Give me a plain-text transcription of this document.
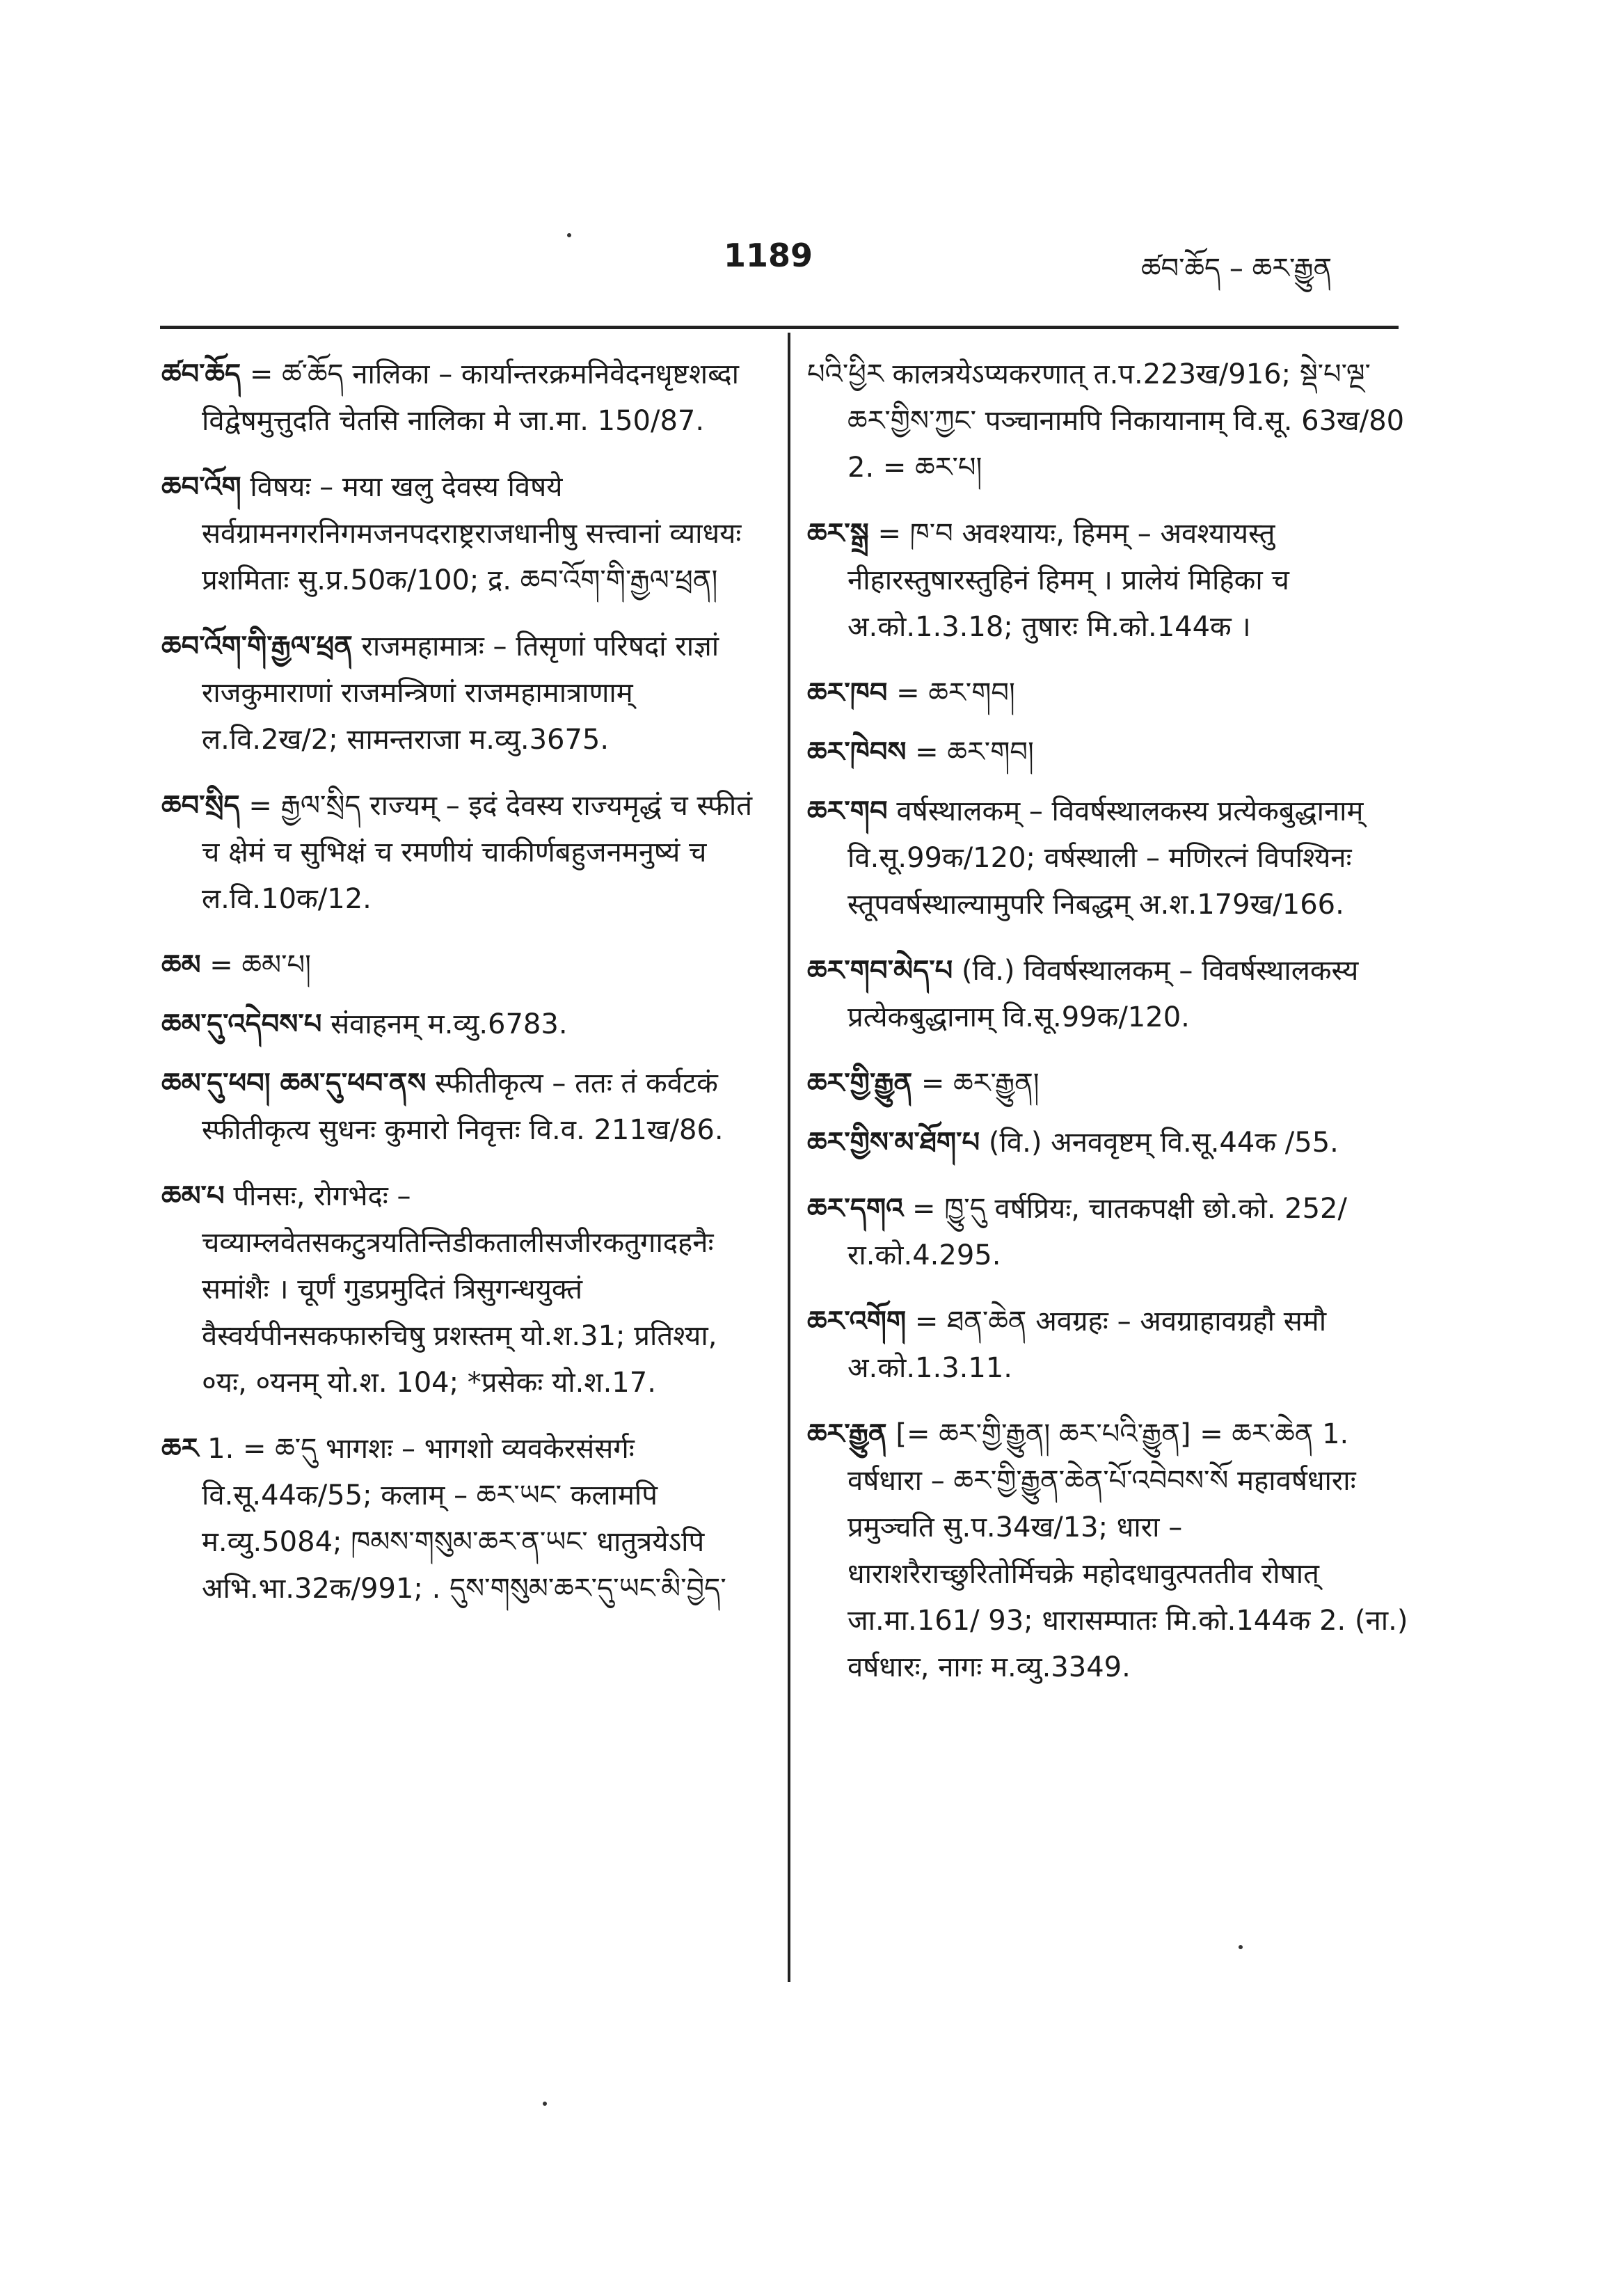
1189	ཚབ་ཆོད – ཆར་རྒྱུན
ཚབ་ཆོད = ཚ་ཆོད नालिका – कार्यान्तरक्रमनिवेदनधृष्टशब्दा विद्वेषमुत्तुदति चेतसि नालिका मे जा.मा. 150/87.
ཆབ་འོག विषयः – मया खलु देवस्य विषये सर्वग्रामनगरनिगमजनपदराष्ट्रराजधानीषु सत्त्वानां व्याधयः प्रशमिताः सु.प्र.50क/100; द्र. ཆབ་འོག་གི་རྒྱལ་ཕྲན།
ཆབ་འོག་གི་རྒྱལ་ཕྲན राजमहामात्रः – तिसृणां परिषदां राज्ञां राजकुमाराणां राजमन्त्रिणां राजमहामात्राणाम् ल.वि.2ख/2; सामन्तराजा म.व्यु.3675.
ཆབ་སྲིད = རྒྱལ་སྲིད राज्यम् – इदं देवस्य राज्यमृद्धं च स्फीतं च क्षेमं च सुभिक्षं च रमणीयं चाकीर्णबहुजनमनुष्यं च ल.वि.10क/12.
ཆམ = ཆམ་པ།
ཆམ་དུ་འདེབས་པ संवाहनम् म.व्यु.6783.
ཆམ་དུ་ཕབ། ཆམ་དུ་ཕབ་ནས स्फीतीकृत्य – ततः तं कर्वटकं स्फीतीकृत्य सुधनः कुमारो निवृत्तः वि.व. 211ख/86.
ཆམ་པ पीनसः, रोगभेदः – चव्याम्लवेतसकटुत्रयतिन्तिडीकतालीसजीरकतुगादहनैः समांशैः । चूर्णं गुडप्रमुदितं त्रिसुगन्धयुक्तं वैस्वर्यपीनसकफारुचिषु प्रशस्तम् यो.श.31; प्रतिश्या, ०यः, ०यनम् यो.श. 104; *प्रसेकः यो.श.17.
ཆར 1. = ཆ་དུ भागशः – भागशो व्यवकेरसंसर्गः वि.सू.44क/55; कलाम् – ཆར་ཡང་ कलामपि म.व्यु.5084; ཁམས་གསུམ་ཆར་ན་ཡང་ धातुत्रयेऽपि अभि.भा.32क/991; . དུས་གསུམ་ཆར་དུ་ཡང་མི་བྱེད་
པའི་ཕྱིར कालत्रयेऽप्यकरणात् त.प.223ख/916; སྡེ་པ་ལྔ་ཆར་གྱིས་ཀྱང་ पञ्चानामपि निकायानाम् वि.सू. 63ख/80 2. = ཆར་པ།
ཆར་སྒྲ = ཁ་བ अवश्यायः, हिमम् – अवश्यायस्तु नीहारस्तुषारस्तुहिनं हिमम् । प्रालेयं मिहिका च अ.को.1.3.18; तुषारः मि.को.144क ।
ཆར་ཁབ = ཆར་གབ།
ཆར་ཁེབས = ཆར་གབ།
ཆར་གབ वर्षस्थालकम् – विवर्षस्थालकस्य प्रत्येकबुद्धानाम् वि.सू.99क/120; वर्षस्थाली – मणिरत्नं विपश्यिनः स्तूपवर्षस्थाल्यामुपरि निबद्धम् अ.श.179ख/166.
ཆར་གབ་མེད་པ (वि.) विवर्षस्थालकम् – विवर्षस्थालकस्य प्रत्येकबुद्धानाम् वि.सू.99क/120.
ཆར་གྱི་རྒྱུན = ཆར་རྒྱུན།
ཆར་གྱིས་མ་ཐོག་པ (वि.) अनववृष्टम् वि.सू.44क /55.
ཆར་དགའ = ཁྱུ་དུ वर्षप्रियः, चातकपक्षी छो.को. 252/रा.को.4.295.
ཆར་འགོག = ཐན་ཆེན अवग्रहः – अवग्राहावग्रहौ समौ अ.को.1.3.11.
ཆར་རྒྱུན [= ཆར་གྱི་རྒྱུན། ཆར་པའི་རྒྱུན] = ཆར་ཆེན 1. वर्षधारा – ཆར་གྱི་རྒྱུན་ཆེན་པོ་འབེབས་སོ महावर्षधाराः प्रमुञ्चति सु.प.34ख/13; धारा – धाराशरैराच्छुरितोर्मिचक्रे महोदधावुत्पततीव रोषात् जा.मा.161/ 93; धारासम्पातः मि.को.144क 2. (ना.) वर्षधारः, नागः म.व्यु.3349.
